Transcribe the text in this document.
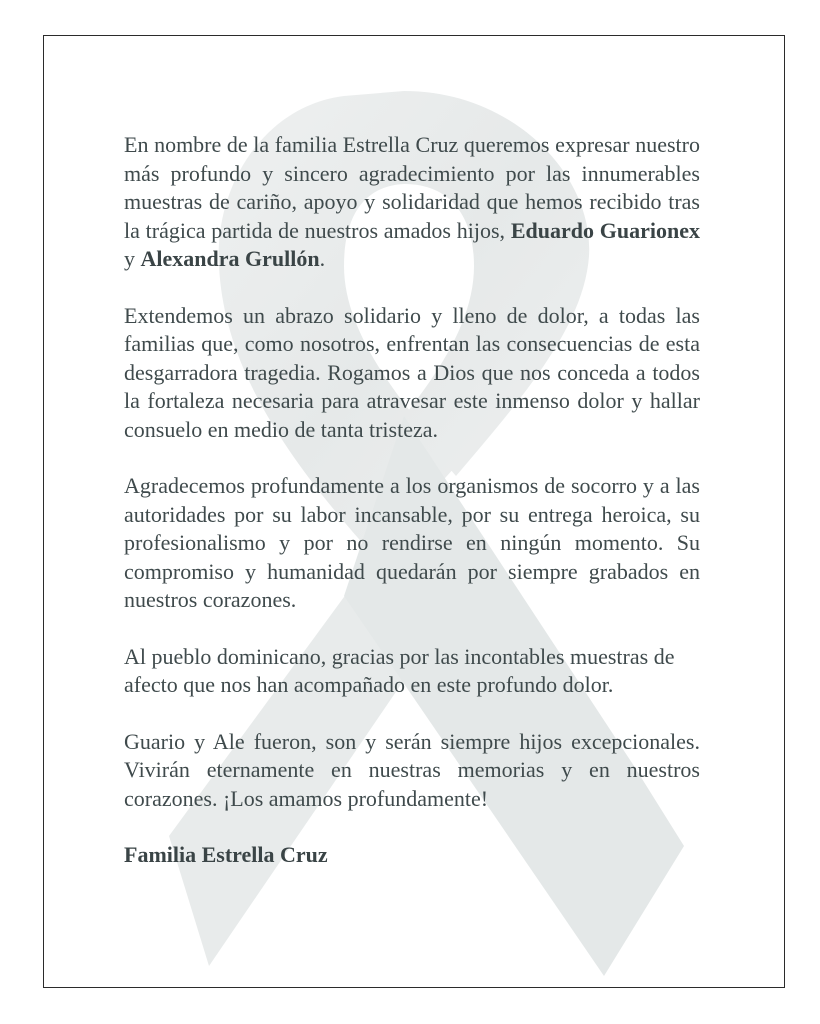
En nombre de la familia Estrella Cruz queremos expresar nuestro más profundo y sincero agradecimiento por las innumerables muestras de cariño, apoyo y solidaridad que hemos recibido tras la trágica partida de nuestros amados hijos, Eduardo Guarionex y Alexandra Grullón.

Extendemos un abrazo solidario y lleno de dolor, a todas las familias que, como nosotros, enfrentan las consecuencias de esta desgarradora tragedia. Rogamos a Dios que nos conceda a todos la fortaleza necesaria para atravesar este inmenso dolor y hallar consuelo en medio de tanta tristeza.

Agradecemos profundamente a los organismos de socorro y a las autoridades por su labor incansable, por su entrega heroica, su profesionalismo y por no rendirse en ningún momento. Su compromiso y humanidad quedarán por siempre grabados en nuestros corazones.

Al pueblo dominicano, gracias por las incontables muestras de afecto que nos han acompañado en este profundo dolor.

Guario y Ale fueron, son y serán siempre hijos excepcionales. Vivirán eternamente en nuestras memorias y en nuestros corazones. ¡Los amamos profundamente!

Familia Estrella Cruz
